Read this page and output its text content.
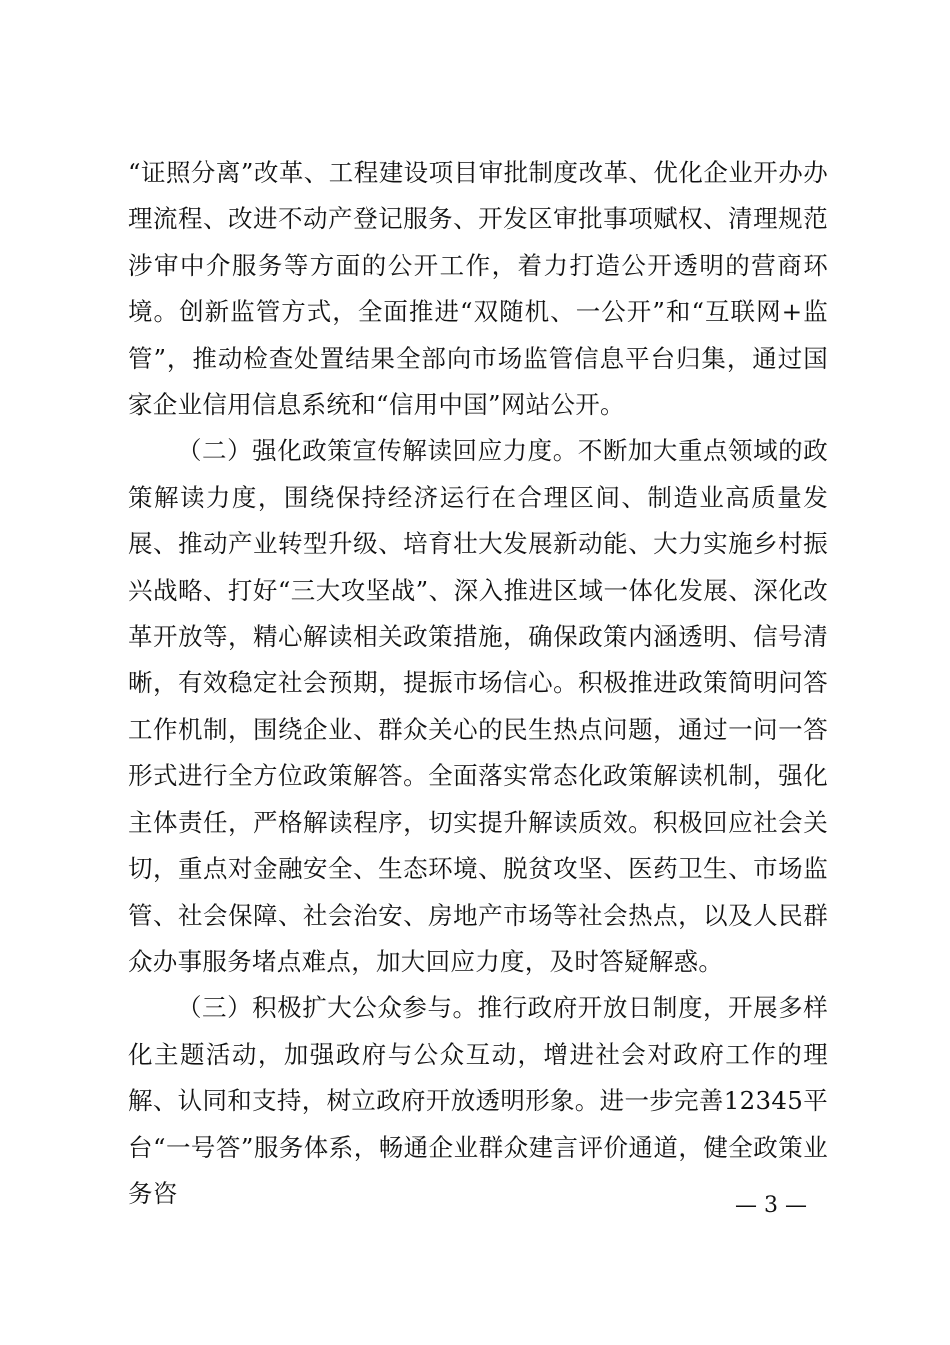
“证照分离”改革、工程建设项目审批制度改革、优化企业开办办理流程、改进不动产登记服务、开发区审批事项赋权、清理规范涉审中介服务等方面的公开工作，着力打造公开透明的营商环境。创新监管方式，全面推进“双随机、一公开”和“互联网+监管”，推动检查处置结果全部向市场监管信息平台归集，通过国家企业信用信息系统和“信用中国”网站公开。

（二）强化政策宣传解读回应力度。不断加大重点领域的政策解读力度，围绕保持经济运行在合理区间、制造业高质量发展、推动产业转型升级、培育壮大发展新动能、大力实施乡村振兴战略、打好“三大攻坚战”、深入推进区域一体化发展、深化改革开放等，精心解读相关政策措施，确保政策内涵透明、信号清晰，有效稳定社会预期，提振市场信心。积极推进政策简明问答工作机制，围绕企业、群众关心的民生热点问题，通过一问一答形式进行全方位政策解答。全面落实常态化政策解读机制，强化主体责任，严格解读程序，切实提升解读质效。积极回应社会关切，重点对金融安全、生态环境、脱贫攻坚、医药卫生、市场监管、社会保障、社会治安、房地产市场等社会热点，以及人民群众办事服务堵点难点，加大回应力度，及时答疑解惑。

（三）积极扩大公众参与。推行政府开放日制度，开展多样化主题活动，加强政府与公众互动，增进社会对政府工作的理解、认同和支持，树立政府开放透明形象。进一步完善12345平台“一号答”服务体系，畅通企业群众建言评价通道，健全政策业务咨	— 3 —
